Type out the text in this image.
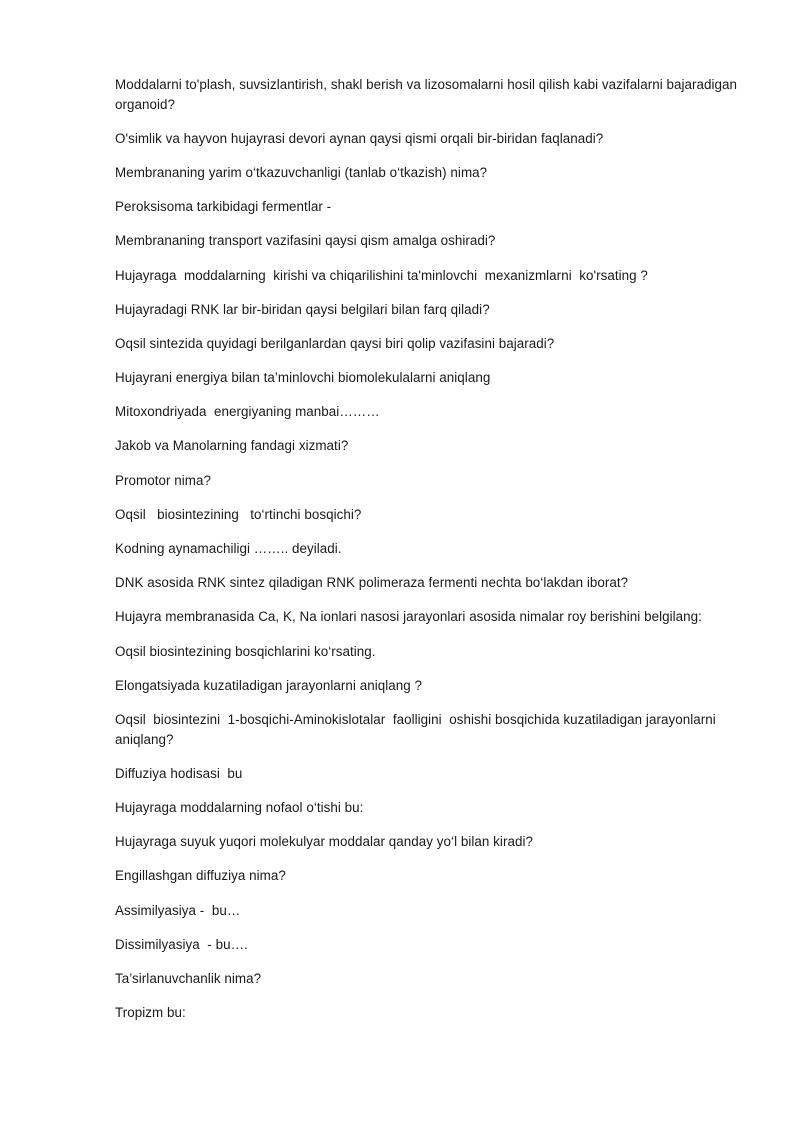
Moddalarni to'plash, suvsizlantirish, shakl berish va lizosomalarni hosil qilish kabi vazifalarni bajaradigan organoid?

O'simlik va hayvon hujayrasi devori aynan qaysi qismi orqali bir-biridan faqlanadi?

Membrananing yarim o‘tkazuvchanligi (tanlab o‘tkazish) nima?

Peroksisoma tarkibidagi fermentlar -

Membrananing transport vazifasini qaysi qism amalga oshiradi?

Hujayraga  moddalarning  kirishi va chiqarilishini ta'minlovchi  mexanizmlarni  ko'rsating ?

Hujayradagi RNK lar bir-biridan qaysi belgilari bilan farq qiladi?

Oqsil sintezida quyidagi berilganlardan qaysi biri qolip vazifasini bajaradi?

Hujayrani energiya bilan ta’minlovchi biomolekulalarni aniqlang

Mitoxondriyada  energiyaning manbai………

Jakob va Manolarning fandagi xizmati?

Promotor nima?

Oqsil   biosintezining   to‘rtinchi bosqichi?

Kodning aynamachiligi …….. deyiladi.

DNK asosida RNK sintez qiladigan RNK polimeraza fermenti nechta bo‘lakdan iborat?

Hujayra membranasida Ca, K, Na ionlari nasosi jarayonlari asosida nimalar roy berishini belgilang:

Oqsil biosintezining bosqichlarini ko‘rsating.

Elongatsiyada kuzatiladigan jarayonlarni aniqlang ?

Oqsil  biosintezini  1-bosqichi-Aminokislotalar  faolligini  oshishi bosqichida kuzatiladigan jarayonlarni aniqlang?

Diffuziya hodisasi  bu

Hujayraga moddalarning nofaol o‘tishi bu:

Hujayraga suyuk yuqori molekulyar moddalar qanday yo‘l bilan kiradi?

Engillashgan diffuziya nima?

Assimilyasiya -  bu…

Dissimilyasiya  - bu….

Ta’sirlanuvchanlik nima?

Tropizm bu:
